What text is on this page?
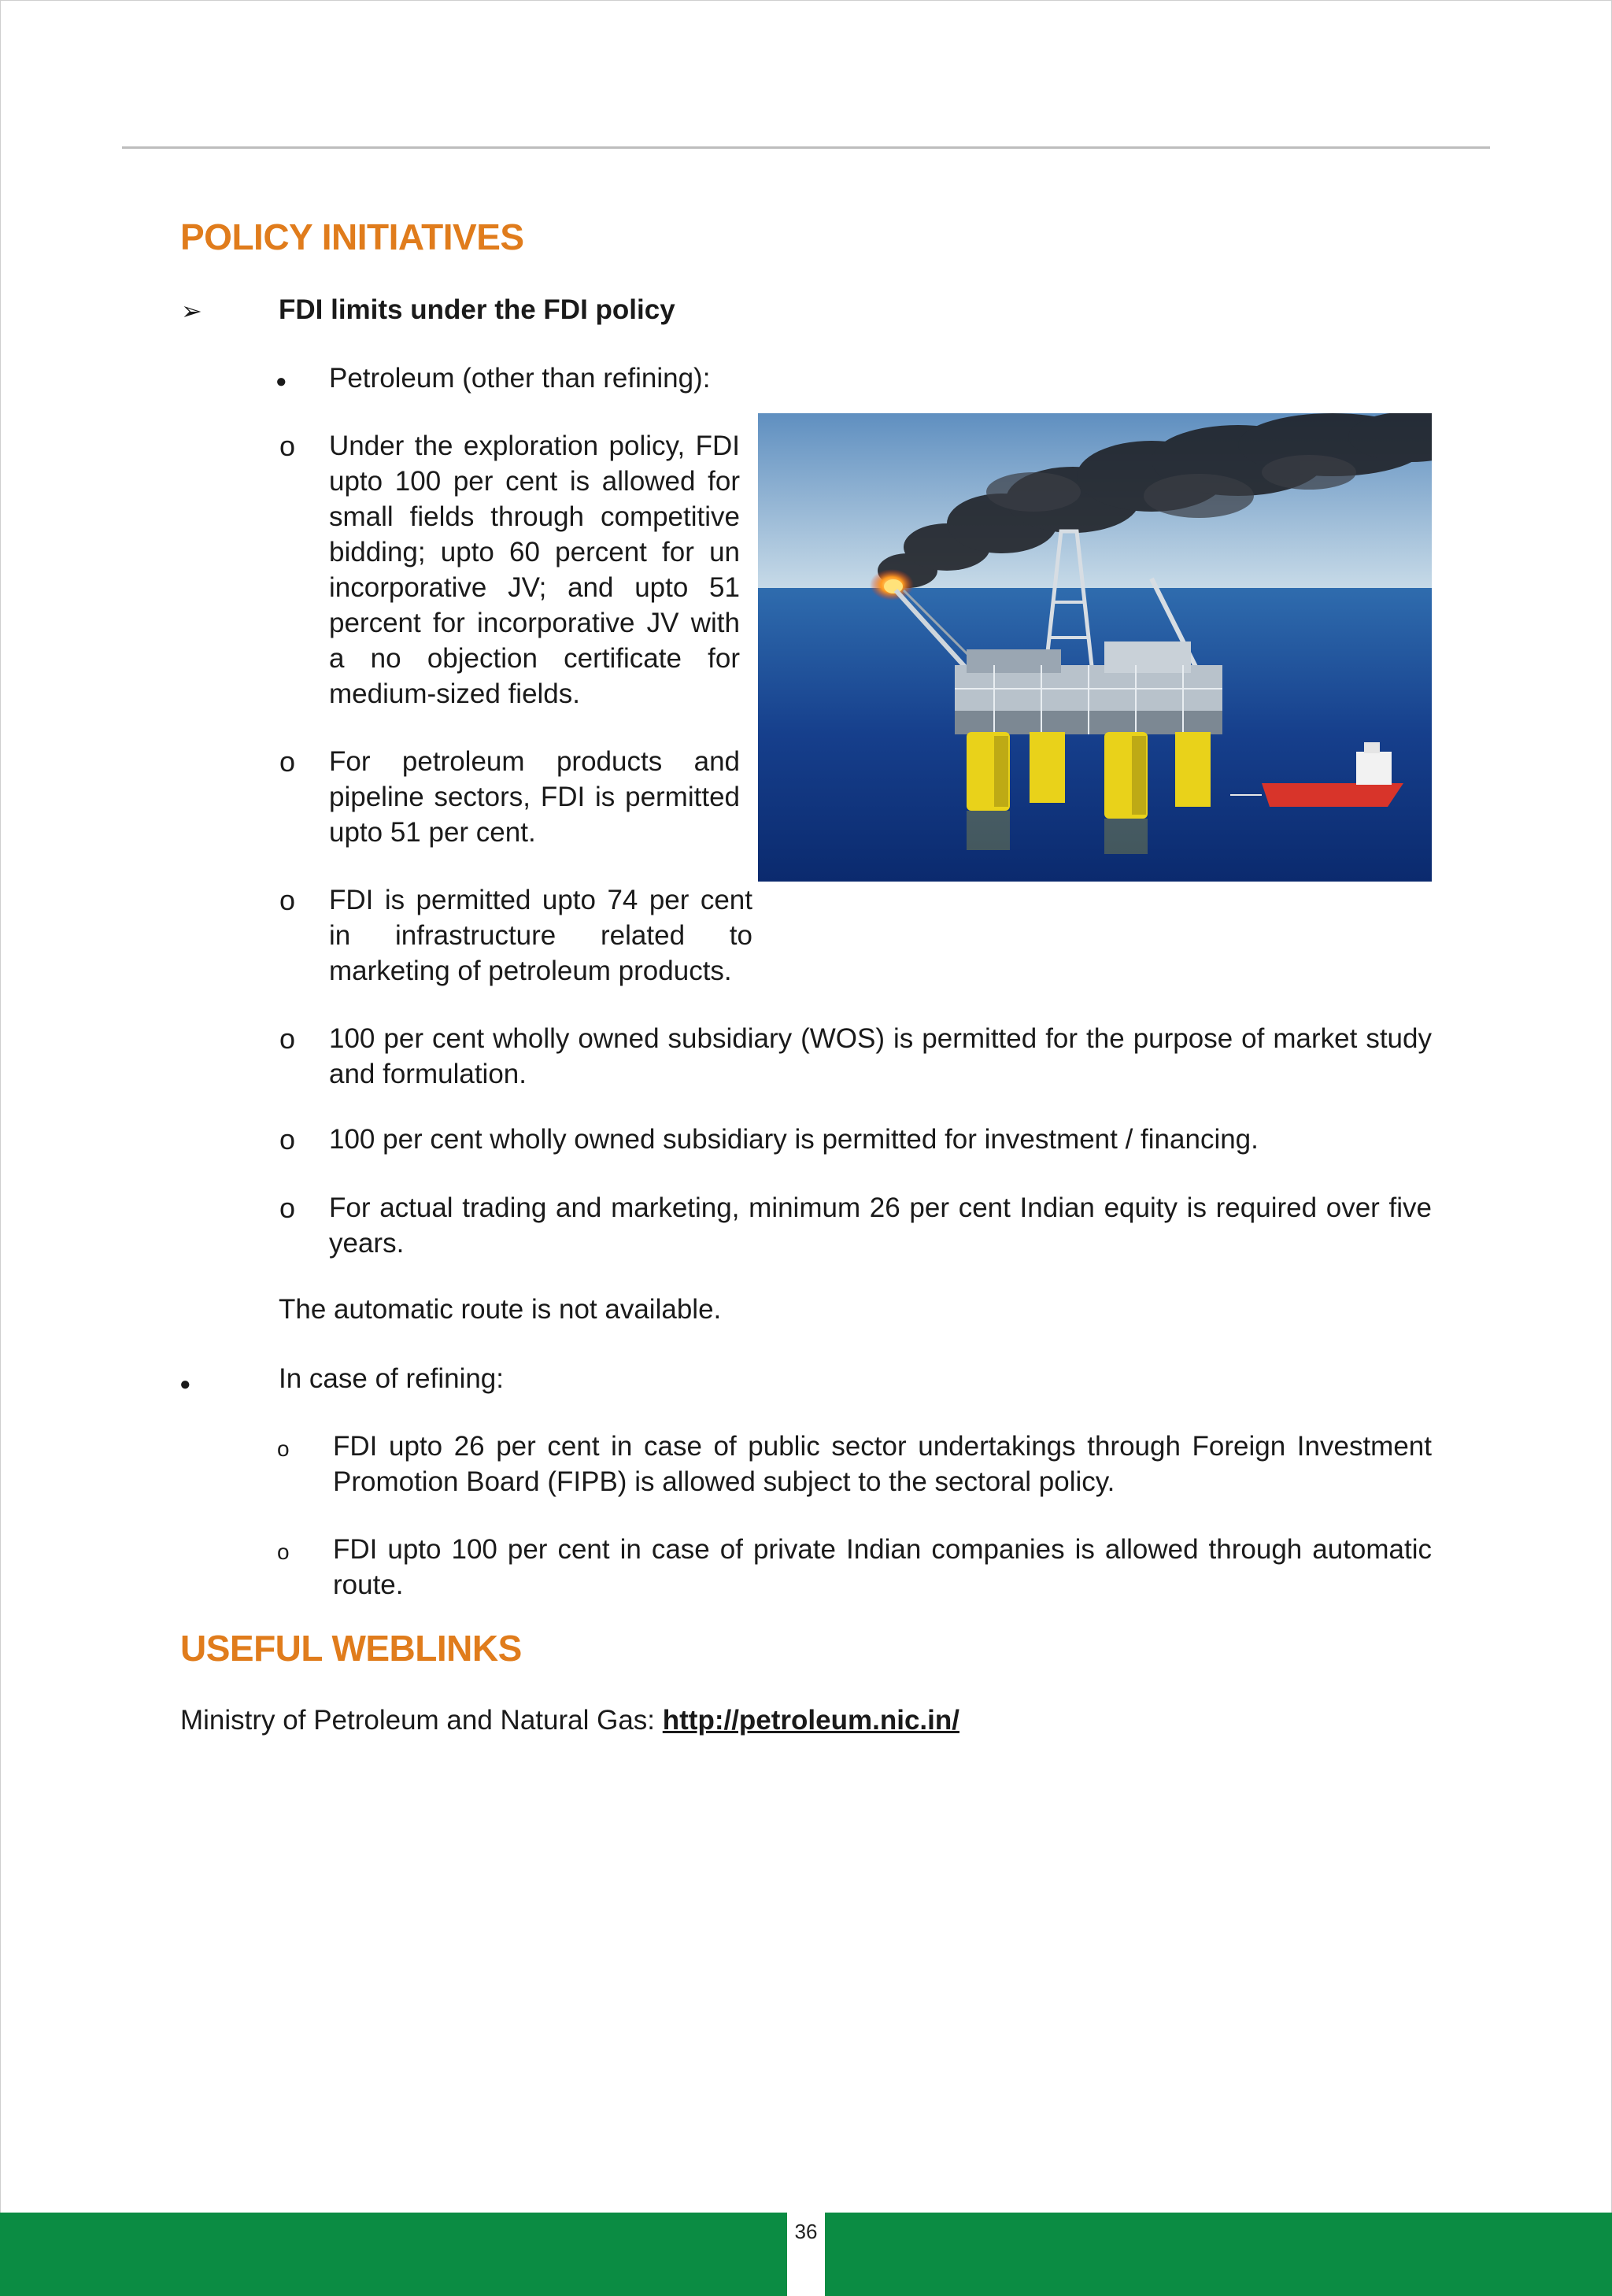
POLICY INITIATIVES
➢	FDI limits under the FDI policy
● Petroleum (other than refining):
o Under the exploration policy, FDI upto 100 per cent is allowed for small fields through competitive bidding; upto 60 percent for un incorporative JV; and upto 51 percent for incorporative JV with a no objection certificate for medium-sized fields.

o For petroleum products and pipeline sectors, FDI is permitted upto 51 per cent.

o FDI is permitted upto 74 per cent in infrastructure related to marketing of petroleum products.

o 100 per cent wholly owned subsidiary (WOS) is permitted for the purpose of market study and formulation.

o 100 per cent wholly owned subsidiary is permitted for investment / financing.

o For actual trading and marketing, minimum 26 per cent Indian equity is required over five years.

The automatic route is not available.
●	In case of refining:
o FDI upto 26 per cent in case of public sector undertakings through Foreign Investment Promotion Board (FIPB) is allowed subject to the sectoral policy.

o FDI upto 100 per cent in case of private Indian companies is allowed through automatic route.

USEFUL WEBLINKS
Ministry of Petroleum and Natural Gas: http://petroleum.nic.in/
36
